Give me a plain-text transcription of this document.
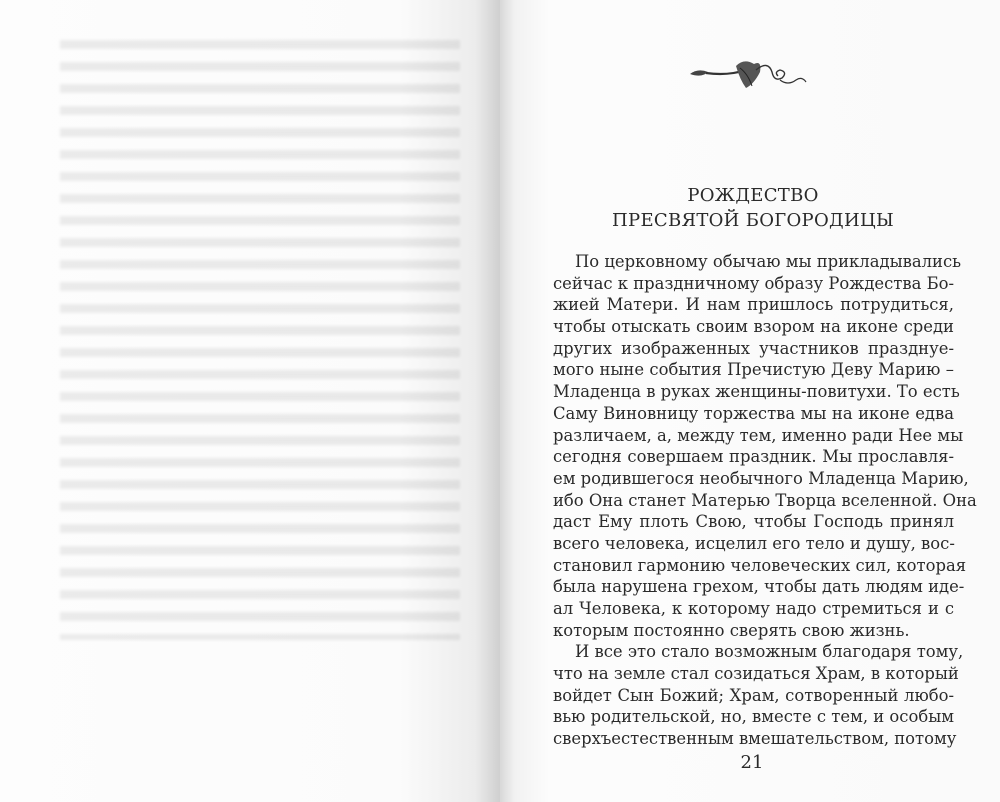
РОЖДЕСТВО
ПРЕСВЯТОЙ БОГОРОДИЦЫ
По церковному обычаю мы прикладывались
сейчас к праздничному образу Рождества Бо-
жией Матери. И нам пришлось потрудиться,
чтобы отыскать своим взором на иконе среди
других изображенных участников празднуе-
мого ныне события Пречистую Деву Марию –
Младенца в руках женщины-повитухи. То есть
Саму Виновницу торжества мы на иконе едва
различаем, а, между тем, именно ради Нее мы
сегодня совершаем праздник. Мы прославля-
ем родившегося необычного Младенца Марию,
ибо Она станет Матерью Творца вселенной. Она
даст Ему плоть Свою, чтобы Господь принял
всего человека, исцелил его тело и душу, вос-
становил гармонию человеческих сил, которая
была нарушена грехом, чтобы дать людям иде-
ал Человека, к которому надо стремиться и с
которым постоянно сверять свою жизнь.
И все это стало возможным благодаря тому,
что на земле стал созидаться Храм, в который
войдет Сын Божий; Храм, сотворенный любо-
вью родительской, но, вместе с тем, и особым
сверхъестественным вмешательством, потому
21
